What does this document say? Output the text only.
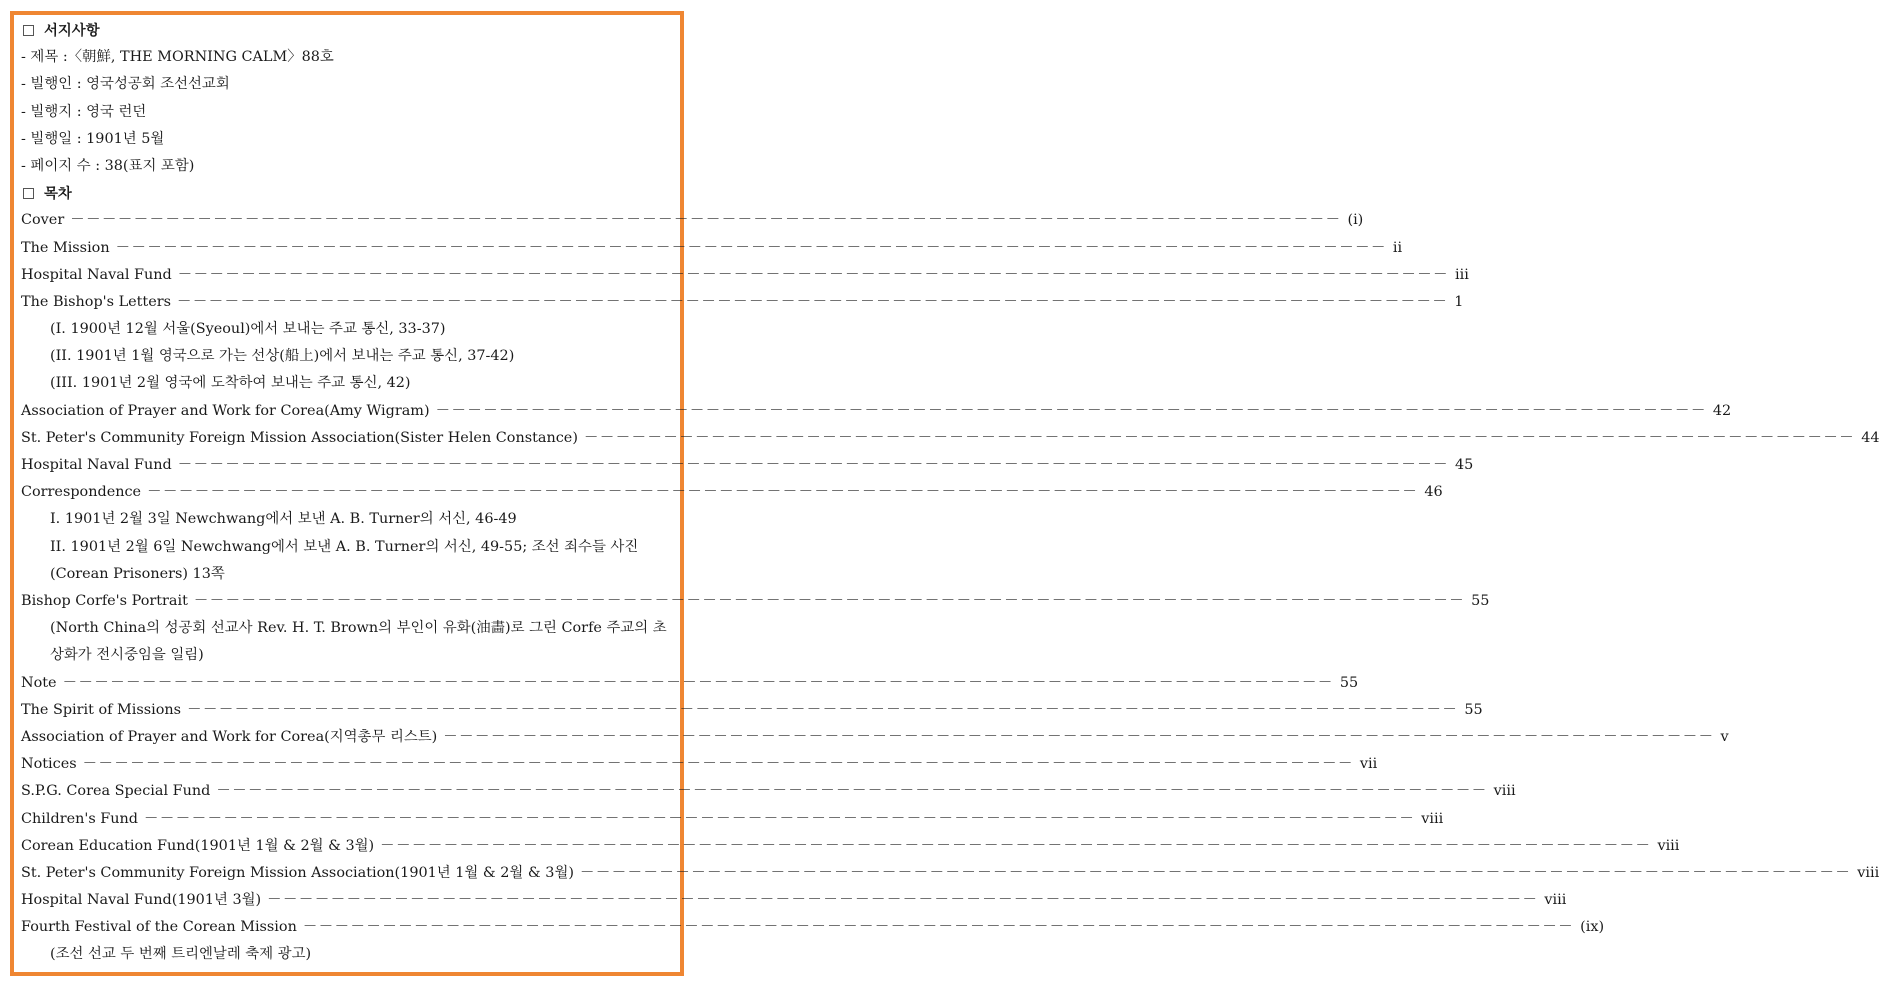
서지사항
- 제목 :〈朝鮮, THE MORNING CALM〉88호
- 빌행인 : 영국성공회 조선선교회
- 빌행지 : 영국 런던
- 빌행일 : 1901년 5월
- 페이지 수 : 38(표지 포함)
목차
Cover －－－－－－－－－－－－－－－－－－－－－－－－－－－－－－－－－－－－－－－－－－－－－－－－－－－－－－－－－－－－－－－－－－－－－－－－－－－－－－－－ (i)
The Mission －－－－－－－－－－－－－－－－－－－－－－－－－－－－－－－－－－－－－－－－－－－－－－－－－－－－－－－－－－－－－－－－－－－－－－－－－－－－－－－－ ii
Hospital Naval Fund －－－－－－－－－－－－－－－－－－－－－－－－－－－－－－－－－－－－－－－－－－－－－－－－－－－－－－－－－－－－－－－－－－－－－－－－－－－－－－－－ iii
The Bishop's Letters －－－－－－－－－－－－－－－－－－－－－－－－－－－－－－－－－－－－－－－－－－－－－－－－－－－－－－－－－－－－－－－－－－－－－－－－－－－－－－－－ 1
(I. 1900년 12월 서울(Syeoul)에서 보내는 주교 통신, 33-37)
(II. 1901년 1월 영국으로 가는 선상(船上)에서 보내는 주교 통신, 37-42)
(III. 1901년 2월 영국에 도착하여 보내는 주교 통신, 42)
Association of Prayer and Work for Corea(Amy Wigram) －－－－－－－－－－－－－－－－－－－－－－－－－－－－－－－－－－－－－－－－－－－－－－－－－－－－－－－－－－－－－－－－－－－－－－－－－－－－－－－－ 42
St. Peter's Community Foreign Mission Association(Sister Helen Constance) －－－－－－－－－－－－－－－－－－－－－－－－－－－－－－－－－－－－－－－－－－－－－－－－－－－－－－－－－－－－－－－－－－－－－－－－－－－－－－－－ 44
Hospital Naval Fund －－－－－－－－－－－－－－－－－－－－－－－－－－－－－－－－－－－－－－－－－－－－－－－－－－－－－－－－－－－－－－－－－－－－－－－－－－－－－－－－ 45
Correspondence －－－－－－－－－－－－－－－－－－－－－－－－－－－－－－－－－－－－－－－－－－－－－－－－－－－－－－－－－－－－－－－－－－－－－－－－－－－－－－－－ 46
I. 1901년 2월 3일 Newchwang에서 보낸 A. B. Turner의 서신, 46-49
II. 1901년 2월 6일 Newchwang에서 보낸 A. B. Turner의 서신, 49-55; 조선 죄수들 사진 (Corean Prisoners) 13쪽
Bishop Corfe's Portrait －－－－－－－－－－－－－－－－－－－－－－－－－－－－－－－－－－－－－－－－－－－－－－－－－－－－－－－－－－－－－－－－－－－－－－－－－－－－－－－－ 55
(North China의 성공회 선교사 Rev. H. T. Brown의 부인이 유화(油畵)로 그린 Corfe 주교의 초상화가 전시중임을 일림)
Note －－－－－－－－－－－－－－－－－－－－－－－－－－－－－－－－－－－－－－－－－－－－－－－－－－－－－－－－－－－－－－－－－－－－－－－－－－－－－－－－ 55
The Spirit of Missions －－－－－－－－－－－－－－－－－－－－－－－－－－－－－－－－－－－－－－－－－－－－－－－－－－－－－－－－－－－－－－－－－－－－－－－－－－－－－－－－ 55
Association of Prayer and Work for Corea(지역총무 리스트) －－－－－－－－－－－－－－－－－－－－－－－－－－－－－－－－－－－－－－－－－－－－－－－－－－－－－－－－－－－－－－－－－－－－－－－－－－－－－－－－ v
Notices －－－－－－－－－－－－－－－－－－－－－－－－－－－－－－－－－－－－－－－－－－－－－－－－－－－－－－－－－－－－－－－－－－－－－－－－－－－－－－－－ vii
S.P.G. Corea Special Fund －－－－－－－－－－－－－－－－－－－－－－－－－－－－－－－－－－－－－－－－－－－－－－－－－－－－－－－－－－－－－－－－－－－－－－－－－－－－－－－－ viii
Children's Fund －－－－－－－－－－－－－－－－－－－－－－－－－－－－－－－－－－－－－－－－－－－－－－－－－－－－－－－－－－－－－－－－－－－－－－－－－－－－－－－－ viii
Corean Education Fund(1901년 1월 & 2월 & 3월) －－－－－－－－－－－－－－－－－－－－－－－－－－－－－－－－－－－－－－－－－－－－－－－－－－－－－－－－－－－－－－－－－－－－－－－－－－－－－－－－ viii
St. Peter's Community Foreign Mission Association(1901년 1월 & 2월 & 3월) －－－－－－－－－－－－－－－－－－－－－－－－－－－－－－－－－－－－－－－－－－－－－－－－－－－－－－－－－－－－－－－－－－－－－－－－－－－－－－－－ viii
Hospital Naval Fund(1901년 3월) －－－－－－－－－－－－－－－－－－－－－－－－－－－－－－－－－－－－－－－－－－－－－－－－－－－－－－－－－－－－－－－－－－－－－－－－－－－－－－－－ viii
Fourth Festival of the Corean Mission －－－－－－－－－－－－－－－－－－－－－－－－－－－－－－－－－－－－－－－－－－－－－－－－－－－－－－－－－－－－－－－－－－－－－－－－－－－－－－－－ (ix)
(조선 선교 두 번째 트리엔날레 축제 광고)
